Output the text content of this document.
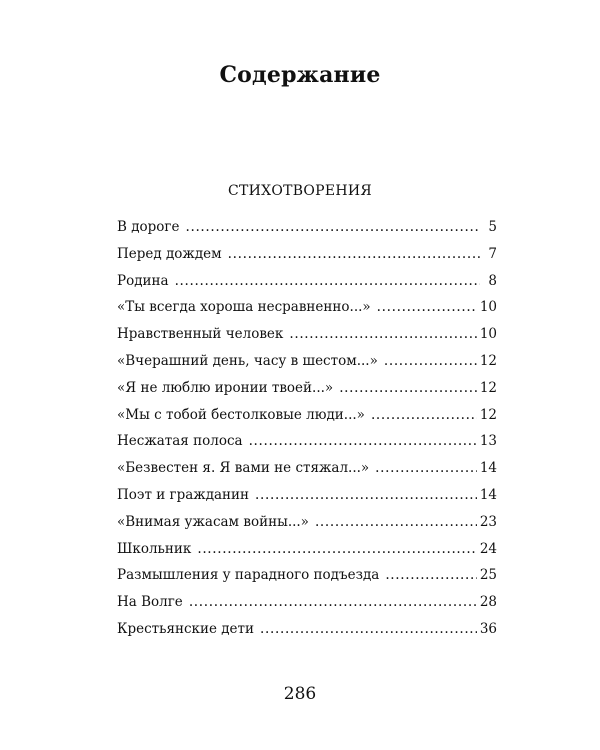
Содержание
СТИХОТВОРЕНИЯ
В дороге . . .	5
Перед дождем . . .	7
Родина . . .	8
«Ты всегда хороша несравненно...» . . .	10
Нравственный человек . . .	10
«Вчерашний день, часу в шестом...» . . .	12
«Я не люблю иронии твоей...» . . .	12
«Мы с тобой бестолковые люди...» . . .	12
Несжатая полоса . . .	13
«Безвестен я. Я вами не стяжал...» . . .	14
Поэт и гражданин . . .	14
«Внимая ужасам войны...» . . .	23
Школьник . . .	24
Размышления у парадного подъезда . . .	25
На Волге . . .	28
Крестьянские дети . . .	36
286
